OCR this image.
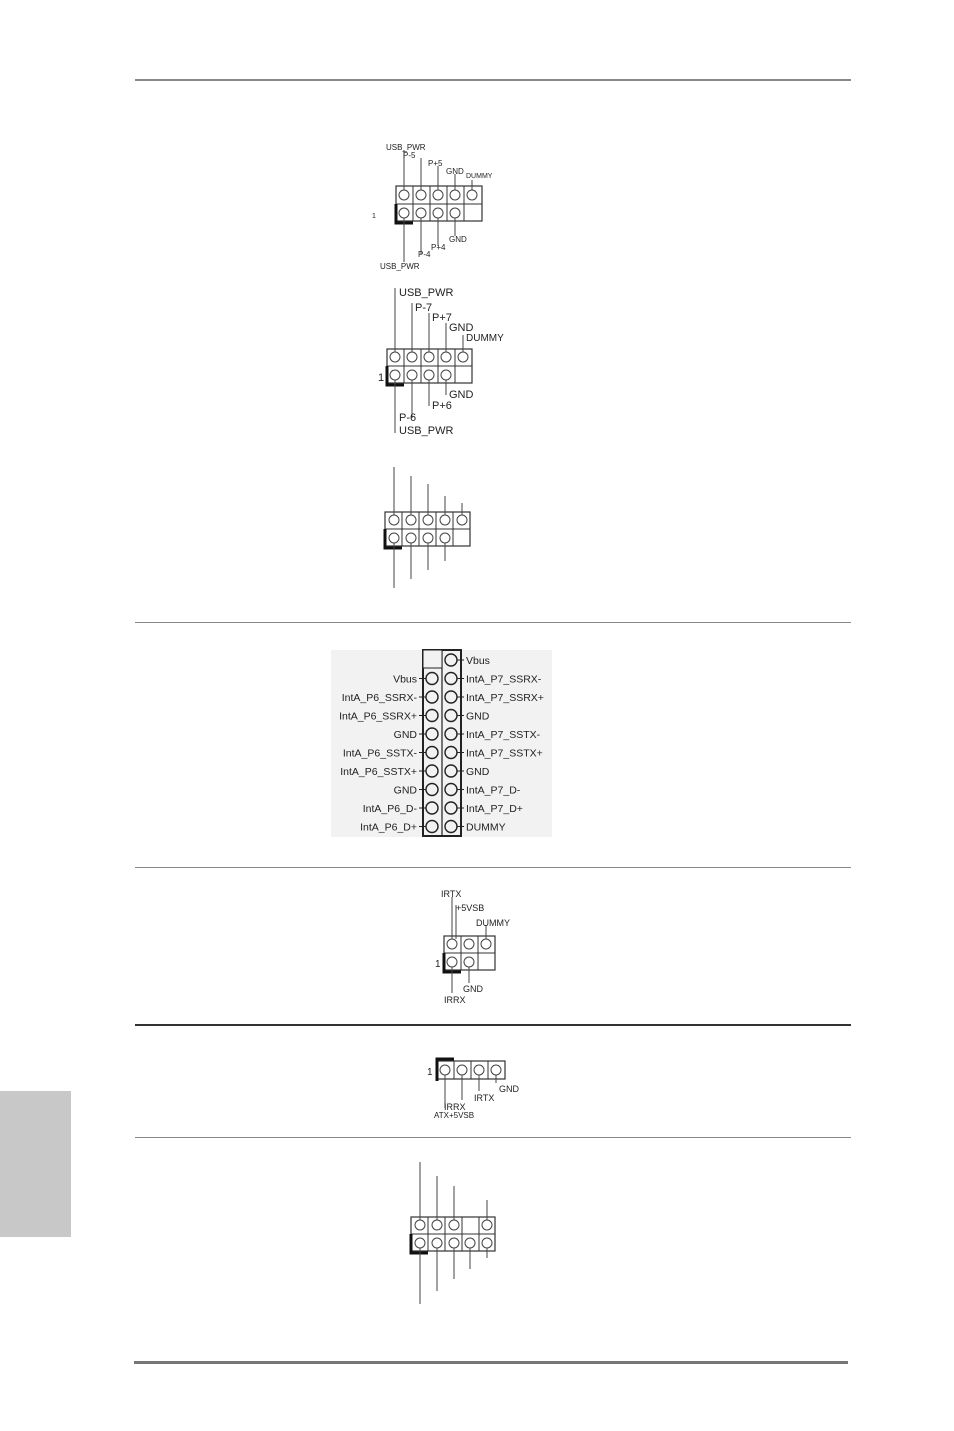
USB_PWR
P-5
P+5
GND
DUMMY
1
USB_PWR
P-4
P+4
GND
USB_PWR
P-7
P+7
GND
DUMMY
1
USB_PWR
P-6
P+6
GND
Vbus
IntA_P7_SSRX-
Vbus
IntA_P7_SSRX+
IntA_P6_SSRX-
GND
IntA_P6_SSRX+
IntA_P7_SSTX-
GND
IntA_P7_SSTX+
IntA_P6_SSTX-
GND
IntA_P6_SSTX+
IntA_P7_D-
GND
IntA_P7_D+
IntA_P6_D-
DUMMY
IntA_P6_D+
IRTX
+5VSB
DUMMY
1
GND
IRRX
1
ATX+5VSB
IRRX
IRTX
GND
